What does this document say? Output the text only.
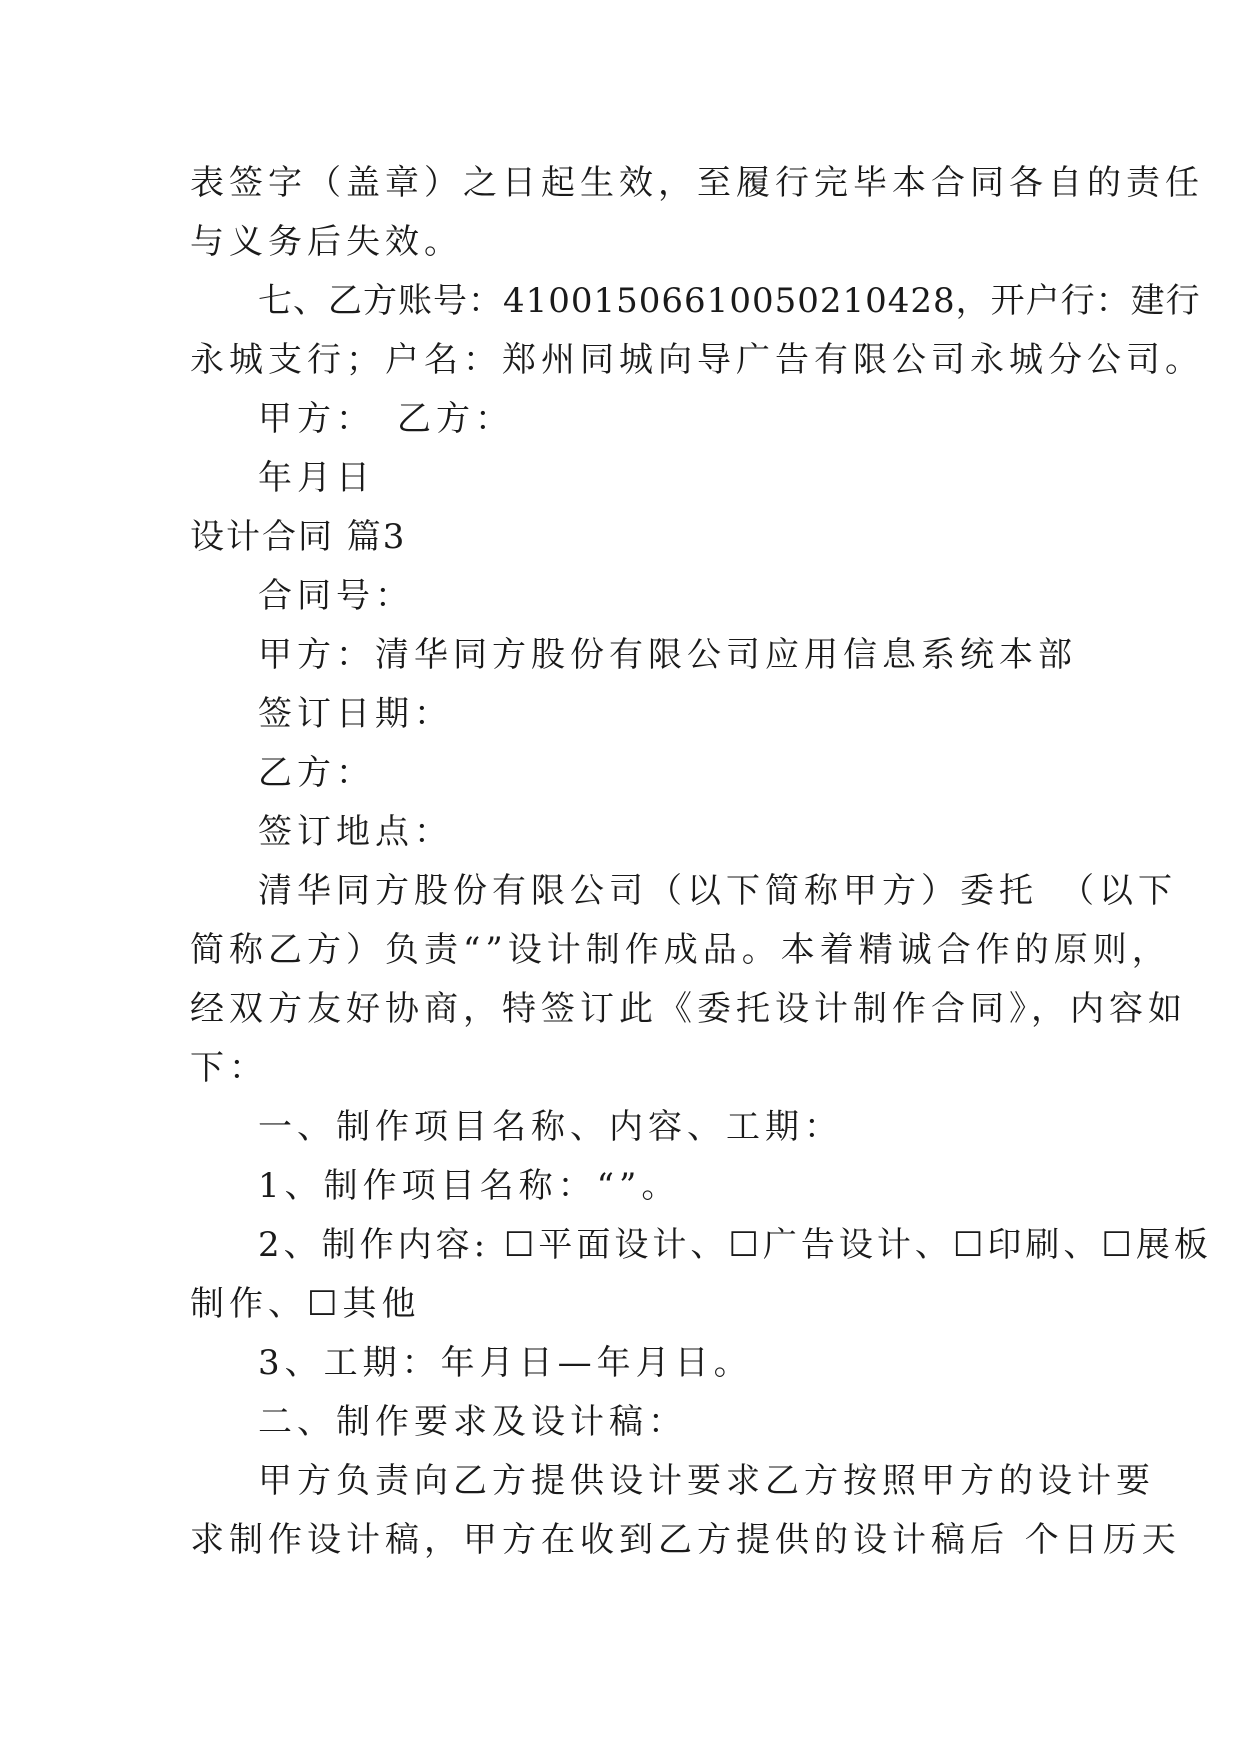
表签字（盖章）之日起生效，至履行完毕本合同各自的责任
与义务后失效。
七、乙方账号：41001506610050210428，开户行：建行
永城支行；户名：郑州同城向导广告有限公司永城分公司。
甲方：　乙方：
年月日
设计合同 篇3
合同号：
甲方：清华同方股份有限公司应用信息系统本部
签订日期：
乙方：
签订地点：
清华同方股份有限公司（以下简称甲方）委托　（以下
简称乙方）负责“”设计制作成品。本着精诚合作的原则，
经双方友好协商，特签订此《委托设计制作合同》，内容如
下：
一、制作项目名称、内容、工期：
1、制作项目名称：“”。
2、制作内容: ☐平面设计、☐广告设计、☐印刷、☐展板
制作、☐其他
3、工期：年月日—年月日。
二、制作要求及设计稿：
甲方负责向乙方提供设计要求乙方按照甲方的设计要
求制作设计稿，甲方在收到乙方提供的设计稿后 个日历天
